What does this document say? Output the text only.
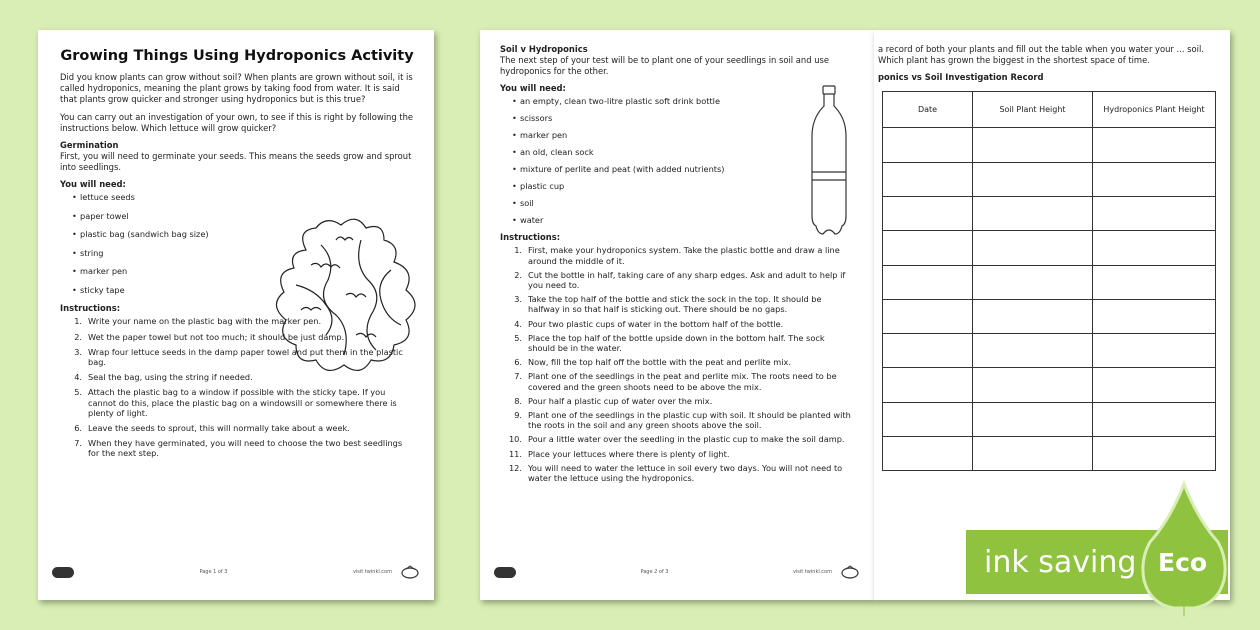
Growing Things Using Hydroponics Activity
Did you know plants can grow without soil? When plants are grown without soil, it is called hydroponics, meaning the plant grows by taking food from water. It is said that plants grow quicker and stronger using hydroponics but is this true?
You can carry out an investigation of your own, to see if this is right by following the instructions below. Which lettuce will grow quicker?
Germination
First, you will need to germinate your seeds. This means the seeds grow and sprout into seedlings.
You will need:
• lettuce seeds
• paper towel
• plastic bag (sandwich bag size)
• string
• marker pen
• sticky tape
Instructions:
1. Write your name on the plastic bag with the marker pen.
2. Wet the paper towel but not too much; it should be just damp.
3. Wrap four lettuce seeds in the damp paper towel and put them in the plastic bag.
4. Seal the bag, using the string if needed.
5. Attach the plastic bag to a window if possible with the sticky tape. If you cannot do this, place the plastic bag on a windowsill or somewhere there is plenty of light.
6. Leave the seeds to sprout, this will normally take about a week.
7. When they have germinated, you will need to choose the two best seedlings for the next step.
Page 1 of 3	visit twinkl.com
Soil v Hydroponics
The next step of your test will be to plant one of your seedlings in soil and use hydroponics for the other.
You will need:
• an empty, clean two-litre plastic soft drink bottle
• scissors
• marker pen
• an old, clean sock
• mixture of perlite and peat (with added nutrients)
• plastic cup
• soil
• water
Instructions:
1. First, make your hydroponics system. Take the plastic bottle and draw a line around the middle of it.
2. Cut the bottle in half, taking care of any sharp edges. Ask and adult to help if you need to.
3. Take the top half of the bottle and stick the sock in the top. It should be halfway in so that half is sticking out. There should be no gaps.
4. Pour two plastic cups of water in the bottom half of the bottle.
5. Place the top half of the bottle upside down in the bottom half. The sock should be in the water.
6. Now, fill the top half off the bottle with the peat and perlite mix.
7. Plant one of the seedlings in the peat and perlite mix. The roots need to be covered and the green shoots need to be above the mix.
8. Pour half a plastic cup of water over the mix.
9. Plant one of the seedlings in the plastic cup with soil. It should be planted with the roots in the soil and any green shoots above the soil.
10. Pour a little water over the seedling in the plastic cup to make the soil damp.
11. Place your lettuces where there is plenty of light.
12. You will need to water the lettuce in soil every two days. You will not need to water the lettuce using the hydroponics.
Page 2 of 3	visit twinkl.com
a record of both your plants and fill out the table when you water your ... soil. Which plant has grown the biggest in the shortest space of time.
ponics vs Soil Investigation Record
Date	Soil Plant Height	Hydroponics Plant Height

ink saving Eco
